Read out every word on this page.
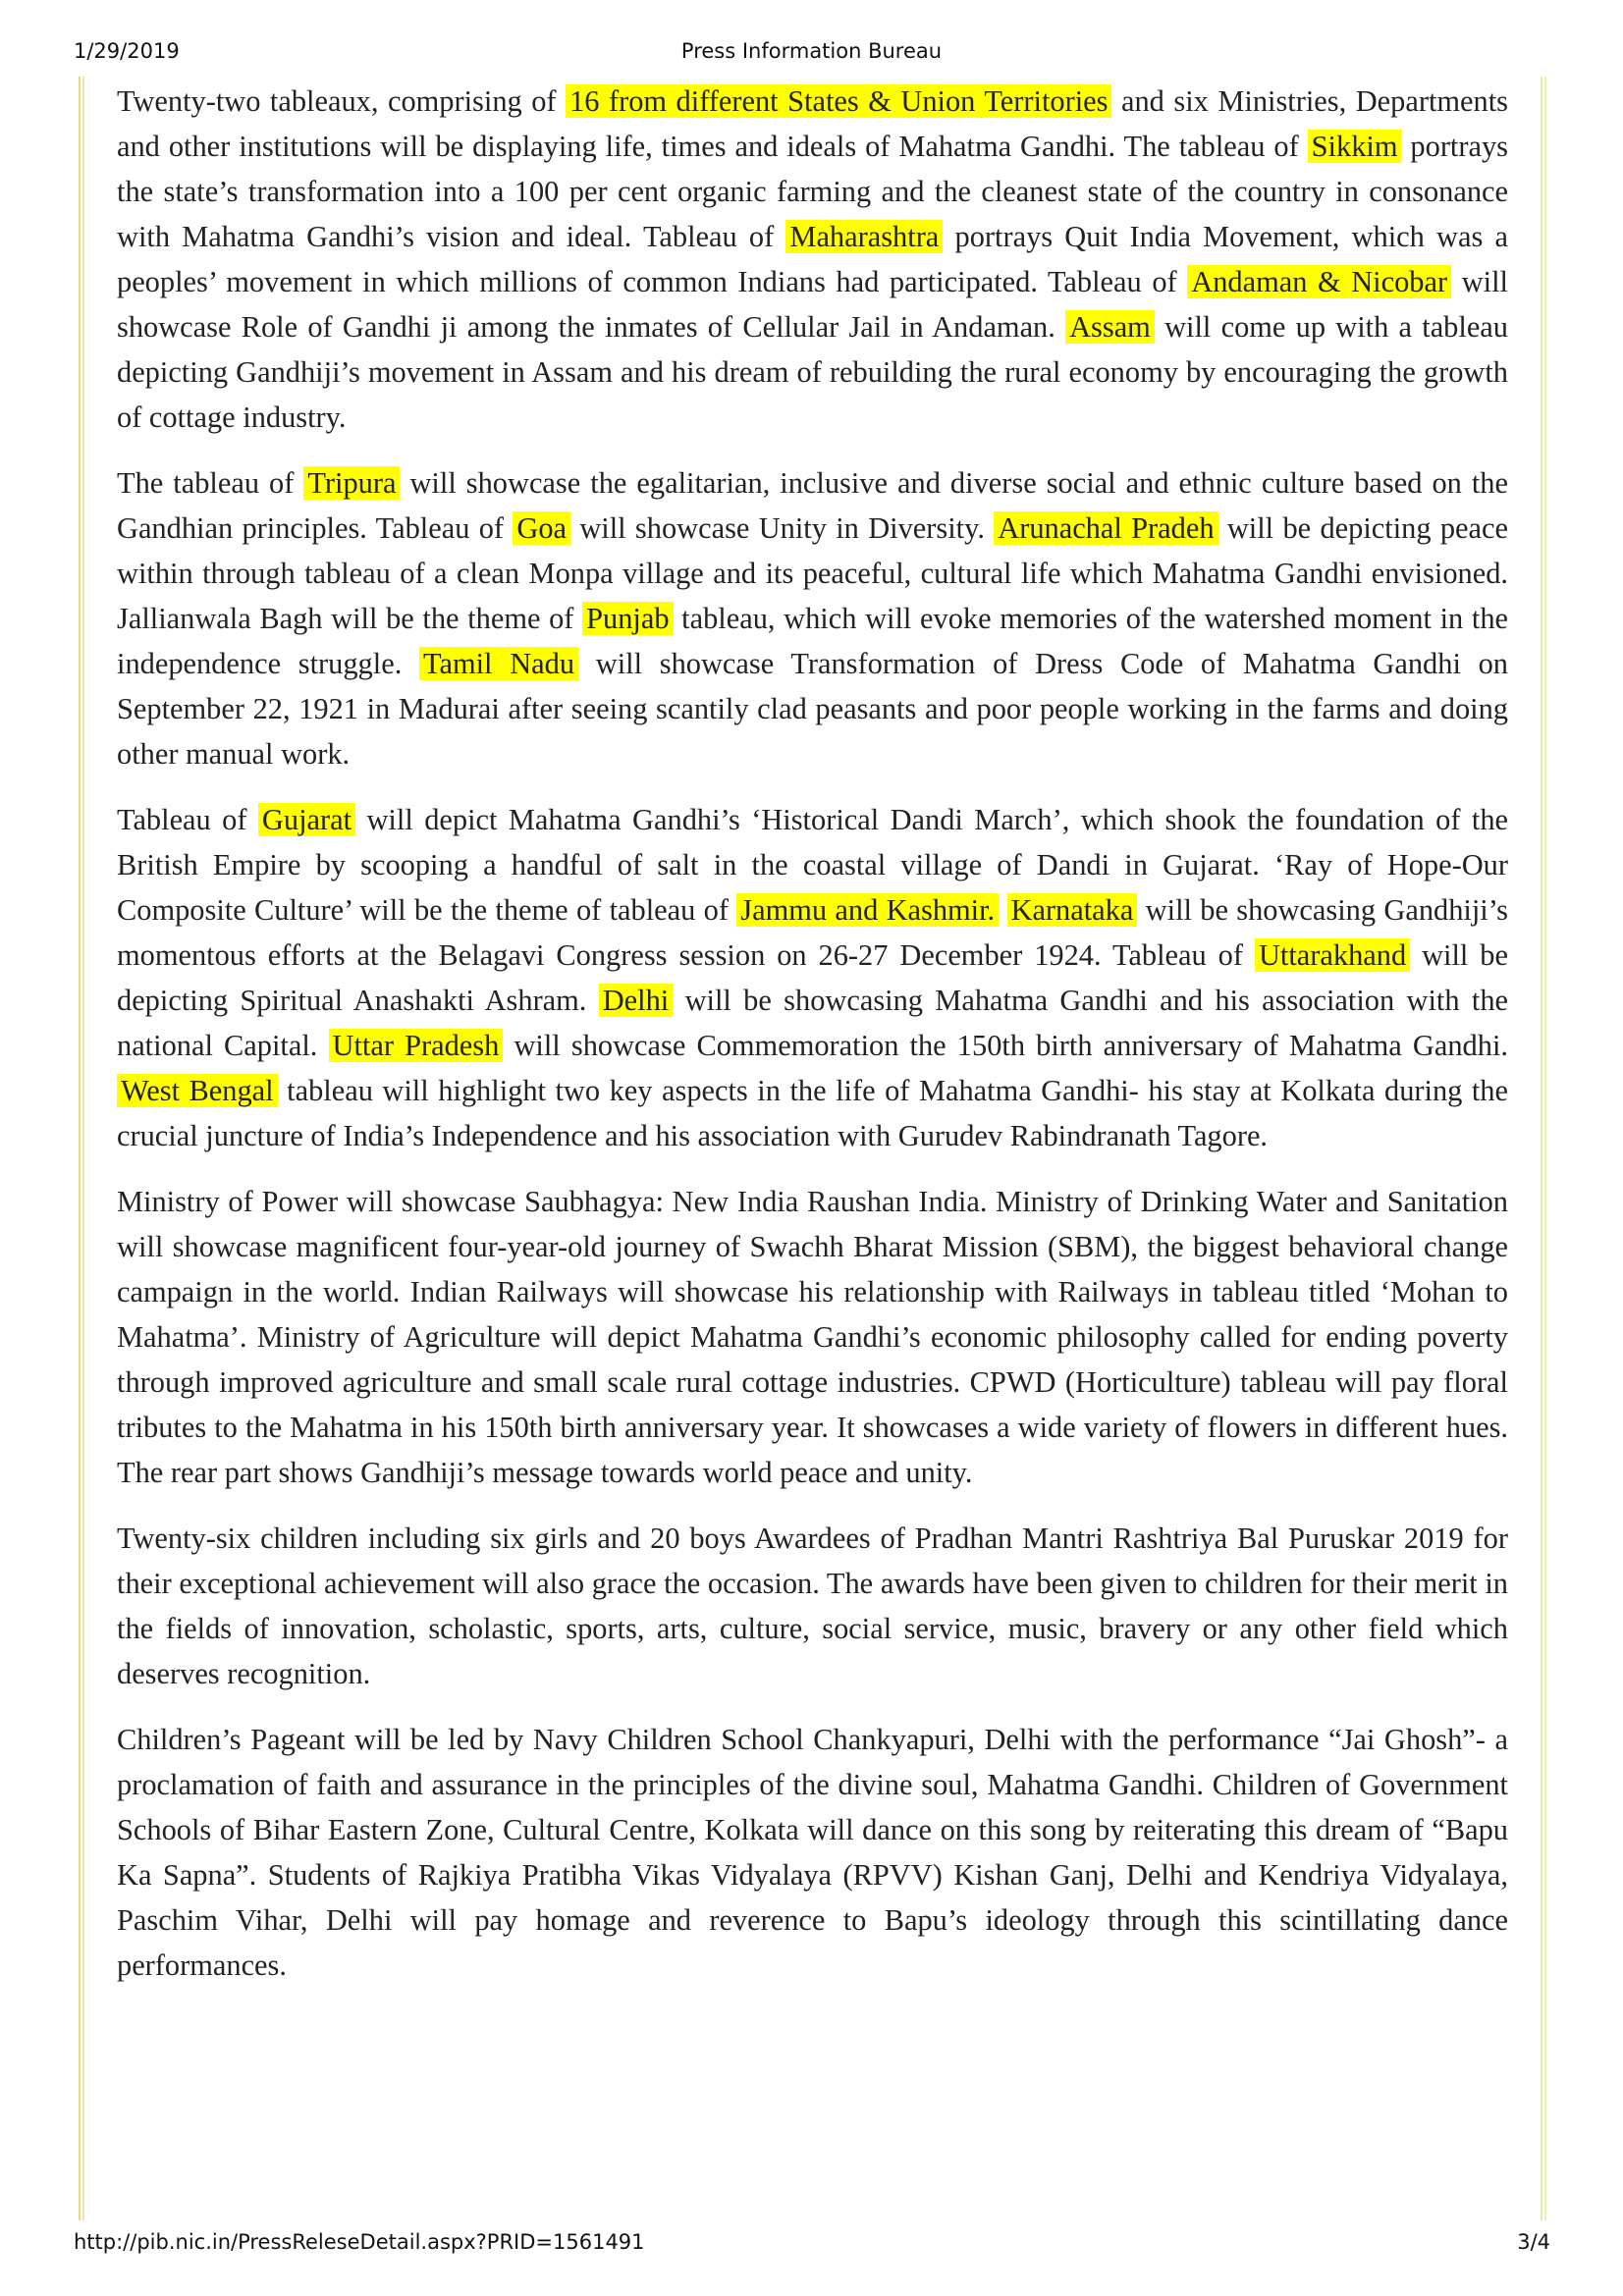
1/29/2019	Press Information Bureau

Twenty-two tableaux, comprising of 16 from different States & Union Territories and six Ministries, Departments and other institutions will be displaying life, times and ideals of Mahatma Gandhi. The tableau of Sikkim portrays the state’s transformation into a 100 per cent organic farming and the cleanest state of the country in consonance with Mahatma Gandhi’s vision and ideal. Tableau of Maharashtra portrays Quit India Movement, which was a peoples’ movement in which millions of common Indians had participated. Tableau of Andaman & Nicobar will showcase Role of Gandhi ji among the inmates of Cellular Jail in Andaman. Assam will come up with a tableau depicting Gandhiji’s movement in Assam and his dream of rebuilding the rural economy by encouraging the growth of cottage industry.

The tableau of Tripura will showcase the egalitarian, inclusive and diverse social and ethnic culture based on the Gandhian principles. Tableau of Goa will showcase Unity in Diversity. Arunachal Pradeh will be depicting peace within through tableau of a clean Monpa village and its peaceful, cultural life which Mahatma Gandhi envisioned. Jallianwala Bagh will be the theme of Punjab tableau, which will evoke memories of the watershed moment in the independence struggle. Tamil Nadu will showcase Transformation of Dress Code of Mahatma Gandhi on September 22, 1921 in Madurai after seeing scantily clad peasants and poor people working in the farms and doing other manual work.

Tableau of Gujarat will depict Mahatma Gandhi’s ‘Historical Dandi March’, which shook the foundation of the British Empire by scooping a handful of salt in the coastal village of Dandi in Gujarat. ‘Ray of Hope-Our Composite Culture’ will be the theme of tableau of Jammu and Kashmir. Karnataka will be showcasing Gandhiji’s momentous efforts at the Belagavi Congress session on 26-27 December 1924. Tableau of Uttarakhand will be depicting Spiritual Anashakti Ashram. Delhi will be showcasing Mahatma Gandhi and his association with the national Capital. Uttar Pradesh will showcase Commemoration the 150th birth anniversary of Mahatma Gandhi. West Bengal tableau will highlight two key aspects in the life of Mahatma Gandhi- his stay at Kolkata during the crucial juncture of India’s Independence and his association with Gurudev Rabindranath Tagore.

Ministry of Power will showcase Saubhagya: New India Raushan India. Ministry of Drinking Water and Sanitation will showcase magnificent four-year-old journey of Swachh Bharat Mission (SBM), the biggest behavioral change campaign in the world. Indian Railways will showcase his relationship with Railways in tableau titled ‘Mohan to Mahatma’. Ministry of Agriculture will depict Mahatma Gandhi’s economic philosophy called for ending poverty through improved agriculture and small scale rural cottage industries. CPWD (Horticulture) tableau will pay floral tributes to the Mahatma in his 150th birth anniversary year. It showcases a wide variety of flowers in different hues. The rear part shows Gandhiji’s message towards world peace and unity.

Twenty-six children including six girls and 20 boys Awardees of Pradhan Mantri Rashtriya Bal Puruskar 2019 for their exceptional achievement will also grace the occasion. The awards have been given to children for their merit in the fields of innovation, scholastic, sports, arts, culture, social service, music, bravery or any other field which deserves recognition.

Children’s Pageant will be led by Navy Children School Chankyapuri, Delhi with the performance “Jai Ghosh”- a proclamation of faith and assurance in the principles of the divine soul, Mahatma Gandhi. Children of Government Schools of Bihar Eastern Zone, Cultural Centre, Kolkata will dance on this song by reiterating this dream of “Bapu Ka Sapna”. Students of Rajkiya Pratibha Vikas Vidyalaya (RPVV) Kishan Ganj, Delhi and Kendriya Vidyalaya, Paschim Vihar, Delhi will pay homage and reverence to Bapu’s ideology through this scintillating dance performances.

http://pib.nic.in/PressReleseDetail.aspx?PRID=1561491	3/4
